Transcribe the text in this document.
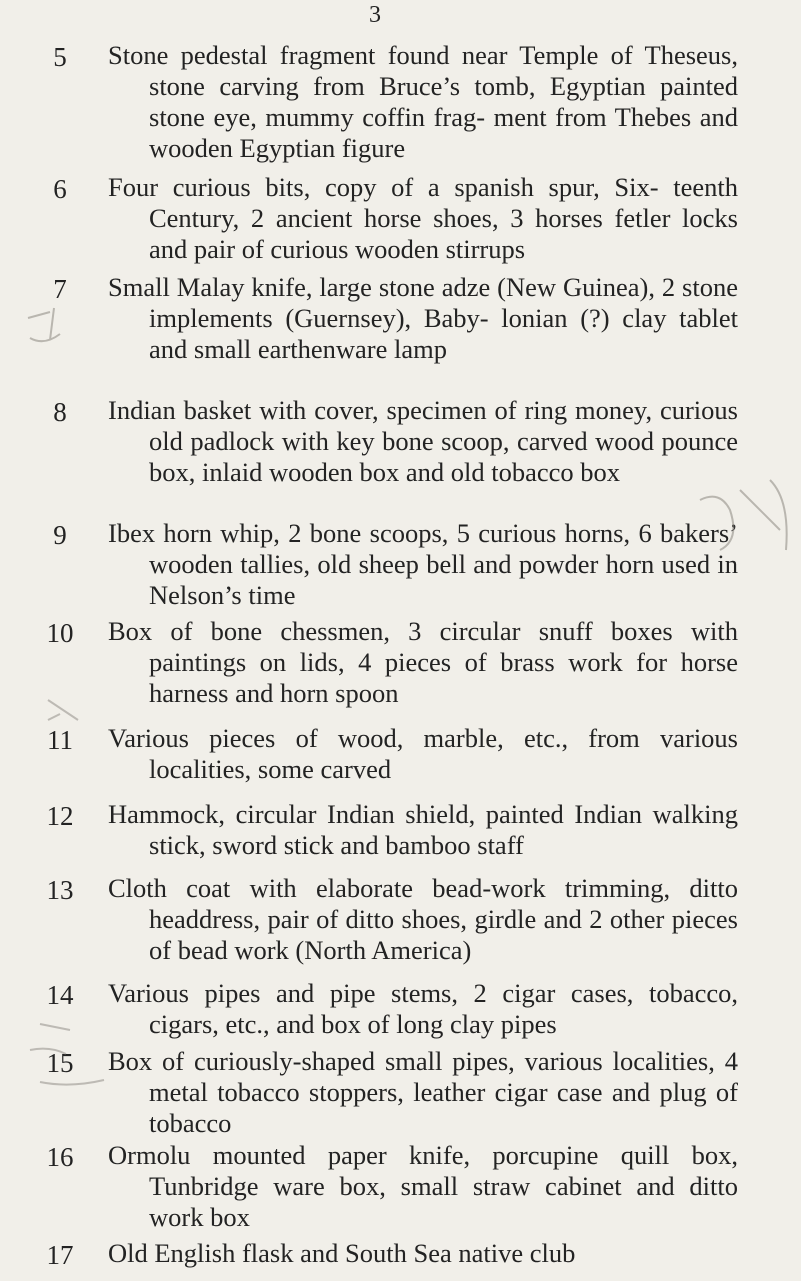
3
5	Stone pedestal fragment found near Temple of Theseus, stone carving from Bruce’s tomb, Egyptian painted stone eye, mummy coffin frag- ment from Thebes and wooden Egyptian figure
6	Four curious bits, copy of a spanish spur, Six- teenth Century, 2 ancient horse shoes, 3 horses fetler locks and pair of curious wooden stirrups
7	Small Malay knife, large stone adze (New Guinea), 2 stone implements (Guernsey), Baby- lonian (?) clay tablet and small earthenware lamp
8	Indian basket with cover, specimen of ring money, curious old padlock with key bone scoop, carved wood pounce box, inlaid wooden box and old tobacco box
9	Ibex horn whip, 2 bone scoops, 5 curious horns, 6 bakers’ wooden tallies, old sheep bell and powder horn used in Nelson’s time
10	Box of bone chessmen, 3 circular snuff boxes with paintings on lids, 4 pieces of brass work for horse harness and horn spoon
11	Various pieces of wood, marble, etc., from various localities, some carved
12	Hammock, circular Indian shield, painted Indian walking stick, sword stick and bamboo staff
13	Cloth coat with elaborate bead-work trimming, ditto headdress, pair of ditto shoes, girdle and 2 other pieces of bead work (North America)
14	Various pipes and pipe stems, 2 cigar cases, tobacco, cigars, etc., and box of long clay pipes
15	Box of curiously-shaped small pipes, various localities, 4 metal tobacco stoppers, leather cigar case and plug of tobacco
16	Ormolu mounted paper knife, porcupine quill box, Tunbridge ware box, small straw cabinet and ditto work box
17	Old English flask and South Sea native club
